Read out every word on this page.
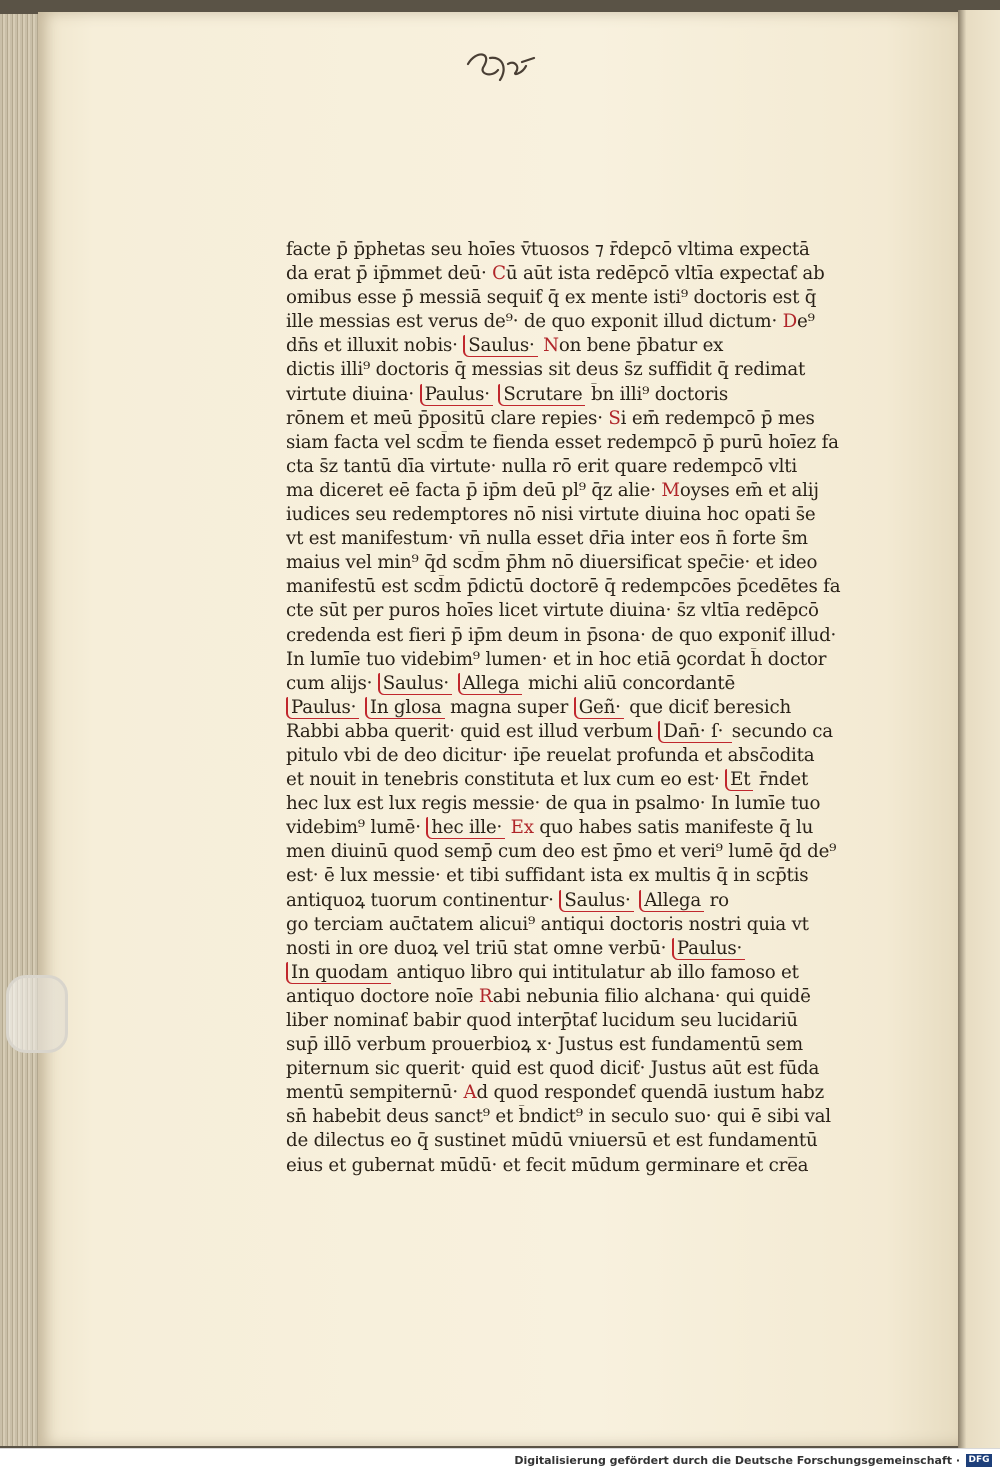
facte p̄ p̄phetas seu hoīes v̄tuosos ⁊ r̄depcō vltima expectā
da erat p̄ ip̄mmet deū· Cū aūt ista redēpcō vltīa expectaƭ ab
omibus esse p̄ messiā sequiƭ q̄ ex mente isti⁹ doctoris est q̄
ille messias est verus de⁹· de quo exponit illud dictum· De⁹
dn̄s et illuxit nobis· Saulus· Non bene p̄batur ex
dictis illi⁹ doctoris q̄ messias sit deus s̄z suffidit q̄ redimat
virtute diuina· Paulus· Scrutare b̄n illi⁹ doctoris
rōnem et meū p̄positū clare repies· Si em̄ redempcō p̄ mes
siam facta vel scd̄m te fienda esset redempcō p̄ purū hoīez fa
cta s̄z tantū dīa virtute· nulla rō erit quare redempcō vlti
ma diceret eē facta p̄ ip̄m deū pl⁹ q̄z alie· Moyses em̄ et alij
iudices seu redemptores nō nisi virtute diuina hoc opati s̄e
vt est manifestum· vn̄ nulla esset dr̄ia inter eos n̄ forte s̄m
maius vel min⁹ q̄d scd̄m p̄hm nō diuersificat spec̄ie· et ideo
manifestū est scd̄m p̄dictū doctorē q̄ redempcōes p̄cedētes fa
cte sūt per puros hoīes licet virtute diuina· s̄z vltīa redēpcō
credenda est fieri p̄ ip̄m deum in p̄sona· de quo exponiƭ illud·
In lumīe tuo videbim⁹ lumen· et in hoc etiā ꝯcordat h̄ doctor
cum alijs· Saulus· Allega michi aliū concordantē
Paulus· In glosa magna super Geñ· que diciƭ beresich
Rabbi abba querit· quid est illud verbum Dan̄· ſ· secundo ca
pitulo vbi de deo dicitur· ip̄e reuelat profunda et absc̄odita
et nouit in tenebris constituta et lux cum eo est· Et r̄ndet
hec lux est lux regis messie· de qua in psalmo· In lumīe tuo
videbim⁹ lumē· hec ille· Ex quo habes satis manifeste q̄ lu
men diuinū quod semp̄ cum deo est p̄mo et veri⁹ lumē q̄d de⁹
est· ē lux messie· et tibi suffidant ista ex multis q̄ in scp̄tis
antiquoꝝ tuorum continentur· Saulus· Allega ro
go terciam auc̄tatem alicui⁹ antiqui doctoris nostri quia vt
nosti in ore duoꝝ vel triū stat omne verbū· Paulus·
In quodam antiquo libro qui intitulatur ab illo famoso et
antiquo doctore noīe Rabi nebunia filio alchana· qui quidē
liber nominaƭ babir quod interp̄taƭ lucidum seu lucidariū
sup̄ illō verbum prouerbioꝝ x· Justus est fundamentū sem
piternum sic querit· quid est quod diciƭ· Justus aūt est fūda
mentū sempiternū· Ad quod respondeƭ quendā iustum habz
sn̄ habebit deus sanct⁹ et b̄ndict⁹ in seculo suo· qui ē sibi val
de dilectus eo q̄ sustinet mūdū vniuersū et est fundamentū
eius et gubernat mūdū· et fecit mūdum germinare et cre̅a
Digitalisierung gefördert durch die Deutsche Forschungsgemeinschaft · DFG
